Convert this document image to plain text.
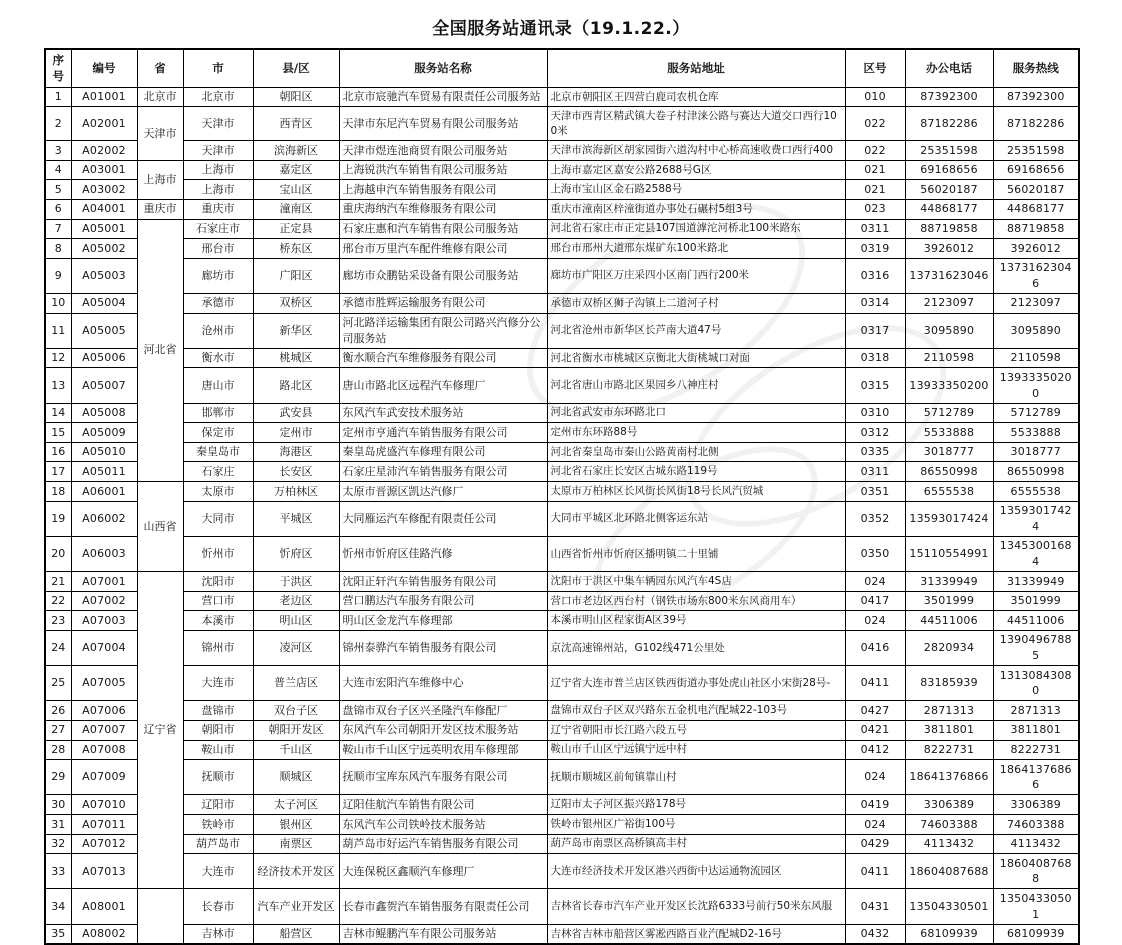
全国服务站通讯录（19.1.22.）
序号	编号	省	市	县/区	服务站名称	服务站地址	区号	办公电话	服务热线
1	A01001	北京市	北京市	朝阳区	北京市宸驰汽车贸易有限责任公司服务站	北京市朝阳区王四营白鹿司农机仓库	010	87392300	87392300
2	A02001	天津市	天津市	西青区	天津市东尼汽车贸易有限公司服务站	天津市西青区精武镇大卷子村津涞公路与赛达大道交口西行100米	022	87182286	87182286
3	A02002		天津市	滨海新区	天津市煜连池商贸有限公司服务站	天津市滨海新区胡家园街六道沟村中心桥高速收费口西行400	022	25351598	25351598
4	A03001	上海市	上海市	嘉定区	上海锐洪汽车销售有限公司服务站	上海市嘉定区嘉安公路2688号G区	021	69168656	69168656
5	A03002		上海市	宝山区	上海越申汽车销售服务有限公司	上海市宝山区金石路2588号	021	56020187	56020187
6	A04001	重庆市	重庆市	潼南区	重庆海纳汽车维修服务有限公司	重庆市潼南区梓潼街道办事处石碾村5组3号	023	44868177	44868177
7	A05001	河北省	石家庄市	正定县	石家庄惠和汽车销售有限公司服务站	河北省石家庄市正定县107国道滹沱河桥北100米路东	0311	88719858	88719858
8	A05002		邢台市	桥东区	邢台市万里汽车配件维修有限公司	邢台市邢州大道邢东煤矿东100米路北	0319	3926012	3926012
9	A05003		廊坊市	广阳区	廊坊市众鹏钻采设备有限公司服务站	廊坊市广阳区万庄采四小区南门西行200米	0316	13731623046	13731623046
10	A05004		承德市	双桥区	承德市胜辉运输服务有限公司	承德市双桥区狮子沟镇上二道河子村	0314	2123097	2123097
11	A05005		沧州市	新华区	河北路洋运输集团有限公司路兴汽修分公司服务站	河北省沧州市新华区长芦南大道47号	0317	3095890	3095890
12	A05006		衡水市	桃城区	衡水顺合汽车维修服务有限公司	河北省衡水市桃城区京衡北大街桃城口对面	0318	2110598	2110598
13	A05007		唐山市	路北区	唐山市路北区远程汽车修理厂	河北省唐山市路北区果园乡八神庄村	0315	13933350200	13933350200
14	A05008		邯郸市	武安县	东风汽车武安技术服务站	河北省武安市东环路北口	0310	5712789	5712789
15	A05009		保定市	定州市	定州市亨通汽车销售服务有限公司	定州市东环路88号	0312	5533888	5533888
16	A05010		秦皇岛市	海港区	秦皇岛虎盛汽车修理有限公司	河北省秦皇岛市秦山公路黄南村北侧	0335	3018777	3018777
17	A05011		石家庄	长安区	石家庄星沛汽车销售服务有限公司	河北省石家庄长安区古城东路119号	0311	86550998	86550998
18	A06001	山西省	太原市	万柏林区	太原市晋源区凯达汽修厂	太原市万柏林区长风街长风街18号长风汽贸城	0351	6555538	6555538
19	A06002		大同市	平城区	大同雁运汽车修配有限责任公司	大同市平城区北环路北侧客运东站	0352	13593017424	13593017424
20	A06003		忻州市	忻府区	忻州市忻府区佳路汽修	山西省忻州市忻府区播明镇二十里铺	0350	15110554991	13453001684
21	A07001	辽宁省	沈阳市	于洪区	沈阳正轩汽车销售服务有限公司	沈阳市于洪区中集车辆园东风汽车4S店	024	31339949	31339949
22	A07002		营口市	老边区	营口鹏达汽车服务有限公司	营口市老边区西台村（钢铁市场东800米东风商用车）	0417	3501999	3501999
23	A07003		本溪市	明山区	明山区金龙汽车修理部	本溪市明山区程家街A区39号	024	44511006	44511006
24	A07004		锦州市	凌河区	锦州泰骅汽车销售服务有限公司	京沈高速锦州站，G102线471公里处	0416	2820934	13904967885
25	A07005		大连市	普兰店区	大连市宏阳汽车维修中心	辽宁省大连市普兰店区铁西街道办事处虎山社区小宋街28号-	0411	83185939	13130843080
26	A07006		盘锦市	双台子区	盘锦市双台子区兴圣隆汽车修配厂	盘锦市双台子区双兴路东五金机电汽配城22-103号	0427	2871313	2871313
27	A07007		朝阳市	朝阳开发区	东风汽车公司朝阳开发区技术服务站	辽宁省朝阳市长江路六段五号	0421	3811801	3811801
28	A07008		鞍山市	千山区	鞍山市千山区宁远英明农用车修理部	鞍山市千山区宁远镇宁远中村	0412	8222731	8222731
29	A07009		抚顺市	顺城区	抚顺市宝库东风汽车服务有限公司	抚顺市顺城区前甸镇靠山村	024	18641376866	18641376866
30	A07010		辽阳市	太子河区	辽阳佳航汽车销售有限公司	辽阳市太子河区振兴路178号	0419	3306389	3306389
31	A07011		铁岭市	银州区	东风汽车公司铁岭技术服务站	铁岭市银州区广裕街100号	024	74603388	74603388
32	A07012		葫芦岛市	南票区	葫芦岛市好运汽车销售服务有限公司	葫芦岛市南票区高桥镇高丰村	0429	4113432	4113432
33	A07013		大连市	经济技术开发区	大连保税区鑫顺汽车修理厂	大连市经济技术开发区港兴西街中达运通物流园区	0411	18604087688	18604087688
34	A08001		长春市	汽车产业开发区	长春市鑫贺汽车销售服务有限责任公司	吉林省长春市汽车产业开发区长沈路6333号前行50米东风服	0431	13504330501	13504330501
35	A08002		吉林市	船营区	吉林市鲲鹏汽车有限公司服务站	吉林省吉林市船营区雾凇西路百业汽配城D2-16号	0432	68109939	68109939
